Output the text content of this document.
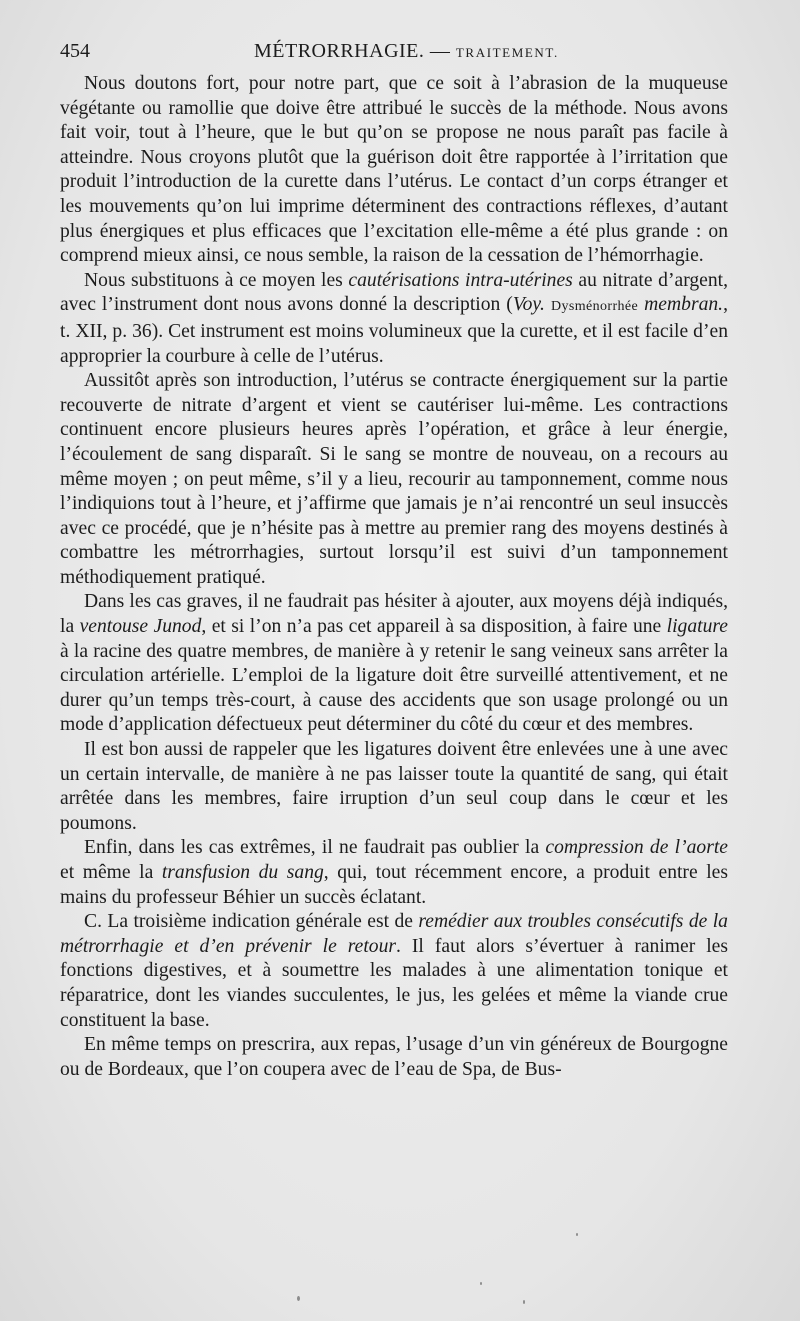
454	MÉTRORRHAGIE. — TRAITEMENT.

Nous doutons fort, pour notre part, que ce soit à l’abrasion de la muqueuse végétante ou ramollie que doive être attribué le succès de la méthode. Nous avons fait voir, tout à l’heure, que le but qu’on se propose ne nous paraît pas facile à atteindre. Nous croyons plutôt que la guérison doit être rapportée à l’irritation que produit l’introduction de la curette dans l’utérus. Le contact d’un corps étranger et les mouvements qu’on lui imprime déterminent des contractions réflexes, d’autant plus énergiques et plus efficaces que l’excitation elle-même a été plus grande : on comprend mieux ainsi, ce nous semble, la raison de la cessation de l’hémorrhagie.

Nous substituons à ce moyen les cautérisations intra-utérines au nitrate d’argent, avec l’instrument dont nous avons donné la description (Voy. Dysménorrhée membran., t. XII, p. 36). Cet instrument est moins volumineux que la curette, et il est facile d’en approprier la courbure à celle de l’utérus.

Aussitôt après son introduction, l’utérus se contracte énergiquement sur la partie recouverte de nitrate d’argent et vient se cautériser lui-même. Les contractions continuent encore plusieurs heures après l’opération, et grâce à leur énergie, l’écoulement de sang disparaît. Si le sang se montre de nouveau, on a recours au même moyen ; on peut même, s’il y a lieu, recourir au tamponnement, comme nous l’indiquions tout à l’heure, et j’affirme que jamais je n’ai rencontré un seul insuccès avec ce procédé, que je n’hésite pas à mettre au premier rang des moyens destinés à combattre les métrorrhagies, surtout lorsqu’il est suivi d’un tamponnement méthodiquement pratiqué.

Dans les cas graves, il ne faudrait pas hésiter à ajouter, aux moyens déjà indiqués, la ventouse Junod, et si l’on n’a pas cet appareil à sa disposition, à faire une ligature à la racine des quatre membres, de manière à y retenir le sang veineux sans arrêter la circulation artérielle. L’emploi de la ligature doit être surveillé attentivement, et ne durer qu’un temps très-court, à cause des accidents que son usage prolongé ou un mode d’application défectueux peut déterminer du côté du cœur et des membres.

Il est bon aussi de rappeler que les ligatures doivent être enlevées une à une avec un certain intervalle, de manière à ne pas laisser toute la quantité de sang, qui était arrêtée dans les membres, faire irruption d’un seul coup dans le cœur et les poumons.

Enfin, dans les cas extrêmes, il ne faudrait pas oublier la compression de l’aorte et même la transfusion du sang, qui, tout récemment encore, a produit entre les mains du professeur Béhier un succès éclatant.

C. La troisième indication générale est de remédier aux troubles consécutifs de la métrorrhagie et d’en prévenir le retour. Il faut alors s’évertuer à ranimer les fonctions digestives, et à soumettre les malades à une alimentation tonique et réparatrice, dont les viandes succulentes, le jus, les gelées et même la viande crue constituent la base.

En même temps on prescrira, aux repas, l’usage d’un vin généreux de Bourgogne ou de Bordeaux, que l’on coupera avec de l’eau de Spa, de Bus-
